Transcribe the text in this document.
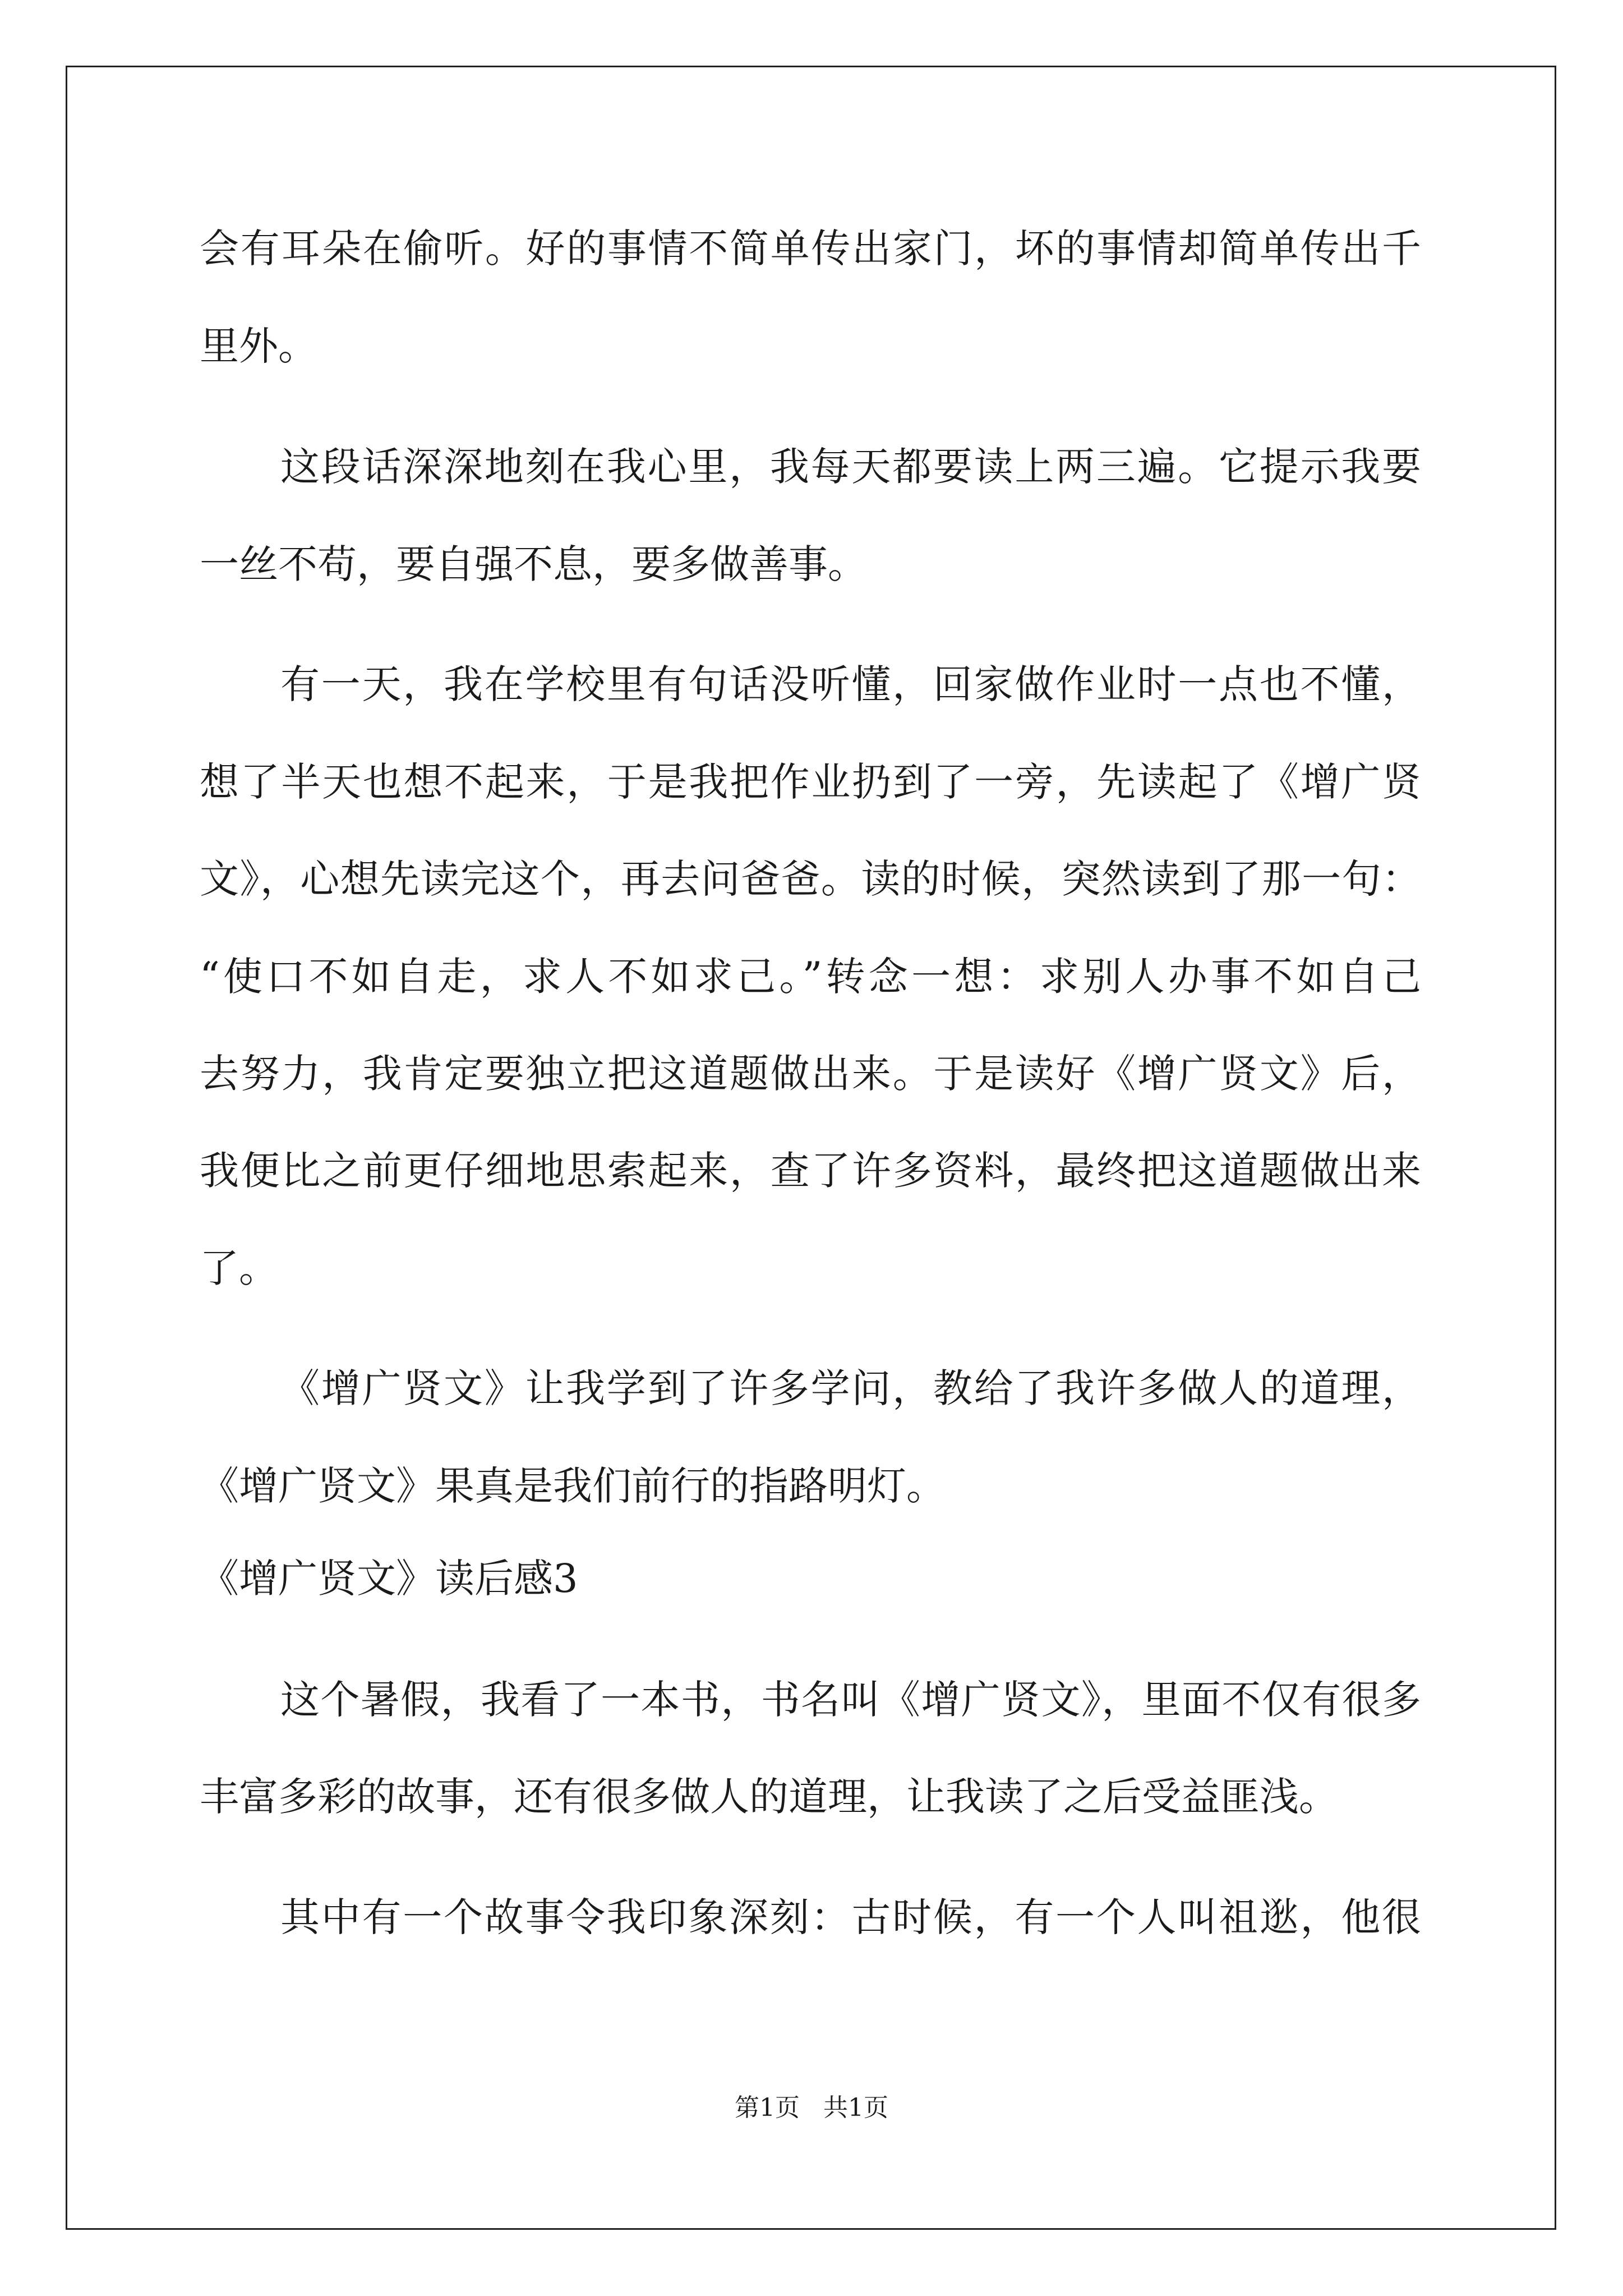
会有耳朵在偷听。好的事情不简单传出家门，坏的事情却简单传出千
里外。
这段话深深地刻在我心里，我每天都要读上两三遍。它提示我要
一丝不苟，要自强不息，要多做善事。
有一天，我在学校里有句话没听懂，回家做作业时一点也不懂，
想了半天也想不起来，于是我把作业扔到了一旁，先读起了《增广贤
文》，心想先读完这个，再去问爸爸。读的时候，突然读到了那一句：
“使口不如自走，求人不如求己。”转念一想：求别人办事不如自己
去努力，我肯定要独立把这道题做出来。于是读好《增广贤文》后，
我便比之前更仔细地思索起来，查了许多资料，最终把这道题做出来
了。
《增广贤文》让我学到了许多学问，教给了我许多做人的道理，
《增广贤文》果真是我们前行的指路明灯。
《增广贤文》读后感3
这个暑假，我看了一本书，书名叫《增广贤文》，里面不仅有很多
丰富多彩的故事，还有很多做人的道理，让我读了之后受益匪浅。
其中有一个故事令我印象深刻：古时候，有一个人叫祖逖，他很
第1页   共1页
